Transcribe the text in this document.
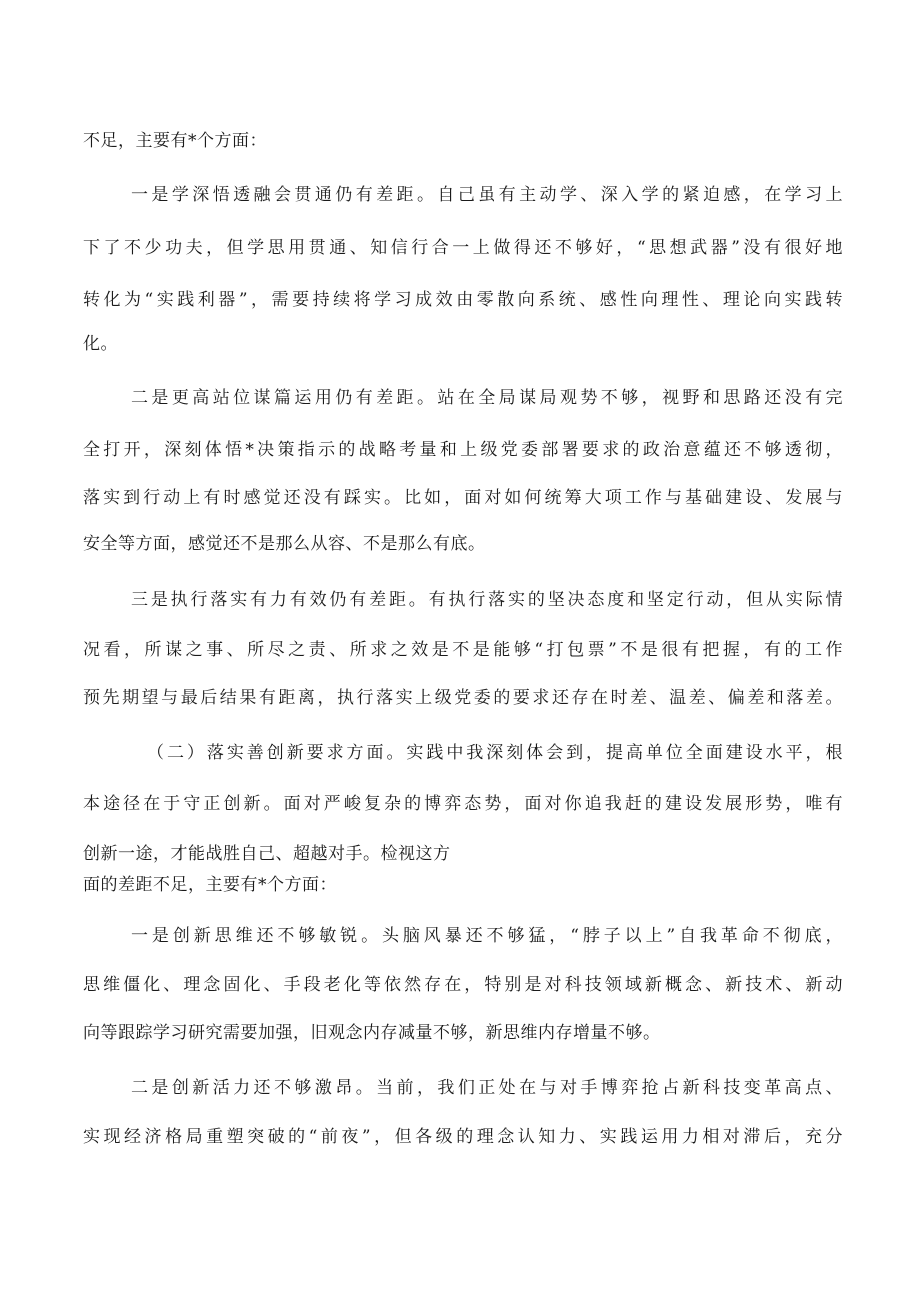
不足，主要有*个方面：
一是学深悟透融会贯通仍有差距。自己虽有主动学、深入学的紧迫感，在学习上
下了不少功夫，但学思用贯通、知信行合一上做得还不够好，“思想武器”没有很好地
转化为“实践利器”，需要持续将学习成效由零散向系统、感性向理性、理论向实践转
化。
二是更高站位谋篇运用仍有差距。站在全局谋局观势不够，视野和思路还没有完
全打开，深刻体悟*决策指示的战略考量和上级党委部署要求的政治意蕴还不够透彻，
落实到行动上有时感觉还没有踩实。比如，面对如何统筹大项工作与基础建设、发展与
安全等方面，感觉还不是那么从容、不是那么有底。
三是执行落实有力有效仍有差距。有执行落实的坚决态度和坚定行动，但从实际情
况看，所谋之事、所尽之责、所求之效是不是能够“打包票”不是很有把握，有的工作
预先期望与最后结果有距离，执行落实上级党委的要求还存在时差、温差、偏差和落差。
（二）落实善创新要求方面。实践中我深刻体会到，提高单位全面建设水平，根
本途径在于守正创新。面对严峻复杂的博弈态势，面对你追我赶的建设发展形势，唯有
创新一途，才能战胜自己、超越对手。检视这方
面的差距不足，主要有*个方面：
一是创新思维还不够敏锐。头脑风暴还不够猛，“脖子以上”自我革命不彻底，
思维僵化、理念固化、手段老化等依然存在，特别是对科技领域新概念、新技术、新动
向等跟踪学习研究需要加强，旧观念内存减量不够，新思维内存增量不够。
二是创新活力还不够激昂。当前，我们正处在与对手博弈抢占新科技变革高点、
实现经济格局重塑突破的“前夜”，但各级的理念认知力、实践运用力相对滞后，充分
